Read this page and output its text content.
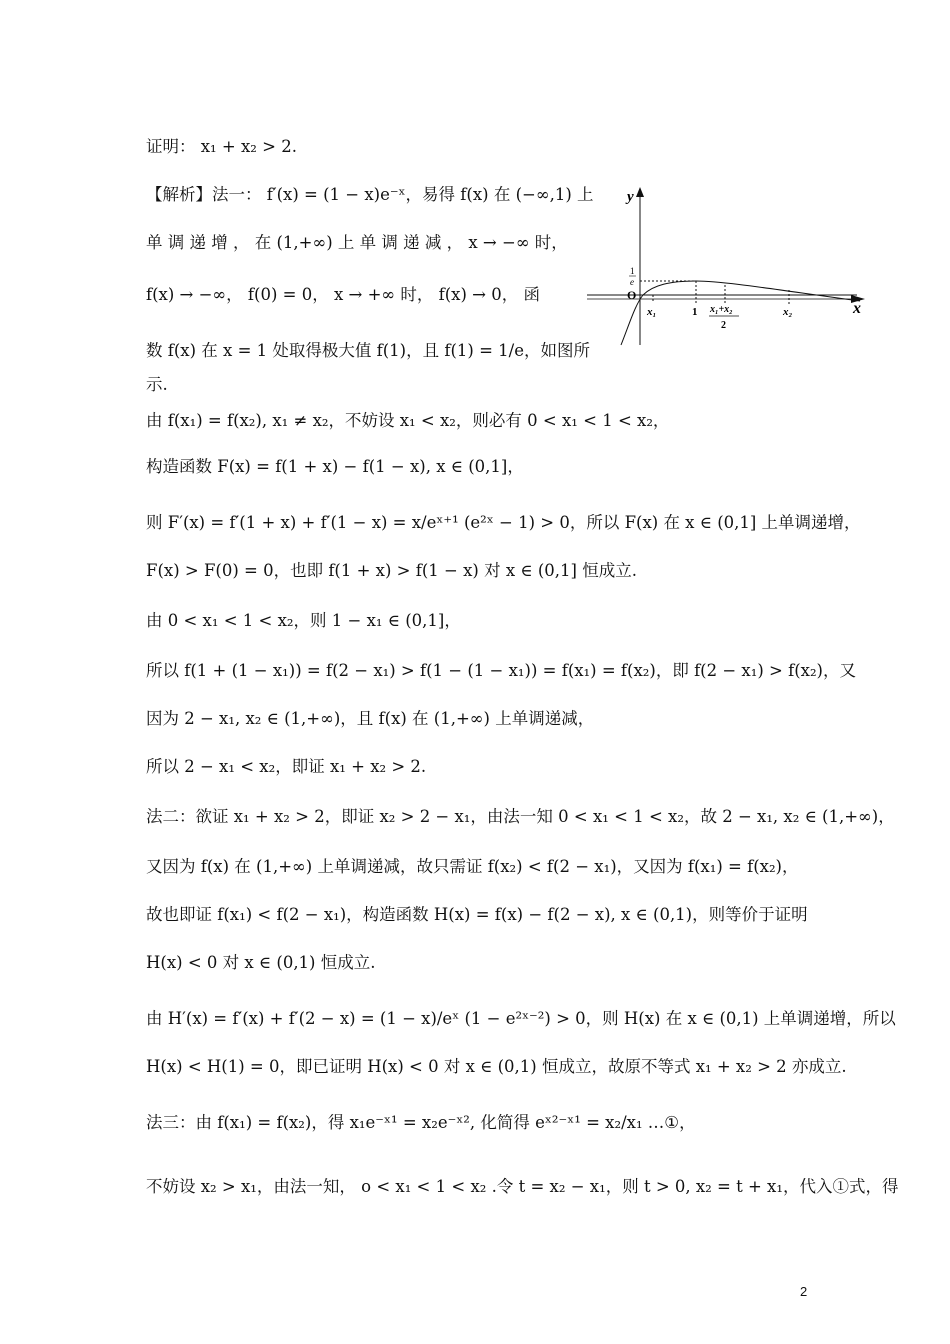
证明： x₁ + x₂ > 2.
【解析】法一： f′(x) = (1 − x)e⁻ˣ，易得 f(x) 在 (−∞,1) 上
单 调 递 增 ， 在 (1,+∞) 上 单 调 递 减 ， x → −∞ 时，
f(x) → −∞， f(0) = 0， x → +∞ 时， f(x) → 0， 函
数 f(x) 在 x = 1 处取得极大值 f(1)，且 f(1) = 1/e，如图所
示.
由 f(x₁) = f(x₂), x₁ ≠ x₂，不妨设 x₁ < x₂，则必有 0 < x₁ < 1 < x₂，
构造函数 F(x) = f(1 + x) − f(1 − x), x ∈ (0,1]，
则 F′(x) = f′(1 + x) + f′(1 − x) = x/eˣ⁺¹ (e²ˣ − 1) > 0，所以 F(x) 在 x ∈ (0,1] 上单调递增，
F(x) > F(0) = 0，也即 f(1 + x) > f(1 − x) 对 x ∈ (0,1] 恒成立.
由 0 < x₁ < 1 < x₂，则 1 − x₁ ∈ (0,1]，
所以 f(1 + (1 − x₁)) = f(2 − x₁) > f(1 − (1 − x₁)) = f(x₁) = f(x₂)，即 f(2 − x₁) > f(x₂)，又
因为 2 − x₁, x₂ ∈ (1,+∞)，且 f(x) 在 (1,+∞) 上单调递减，
所以 2 − x₁ < x₂，即证 x₁ + x₂ > 2.
法二：欲证 x₁ + x₂ > 2，即证 x₂ > 2 − x₁，由法一知 0 < x₁ < 1 < x₂，故 2 − x₁, x₂ ∈ (1,+∞)，
又因为 f(x) 在 (1,+∞) 上单调递减，故只需证 f(x₂) < f(2 − x₁)，又因为 f(x₁) = f(x₂)，
故也即证 f(x₁) < f(2 − x₁)，构造函数 H(x) = f(x) − f(2 − x), x ∈ (0,1)，则等价于证明
H(x) < 0 对 x ∈ (0,1) 恒成立.
由 H′(x) = f′(x) + f′(2 − x) = (1 − x)/eˣ (1 − e²ˣ⁻²) > 0，则 H(x) 在 x ∈ (0,1) 上单调递增，所以
H(x) < H(1) = 0，即已证明 H(x) < 0 对 x ∈ (0,1) 恒成立，故原不等式 x₁ + x₂ > 2 亦成立.
法三：由 f(x₁) = f(x₂)，得 x₁e⁻ˣ¹ = x₂e⁻ˣ², 化简得 eˣ²⁻ˣ¹ = x₂/x₁ …①，
不妨设 x₂ > x₁，由法一知， o < x₁ < 1 < x₂ .令 t = x₂ − x₁，则 t > 0, x₂ = t + x₁，代入①式，得
y
x
O
1
e
x₁	1 x₁+x₂
2
x₂
2
